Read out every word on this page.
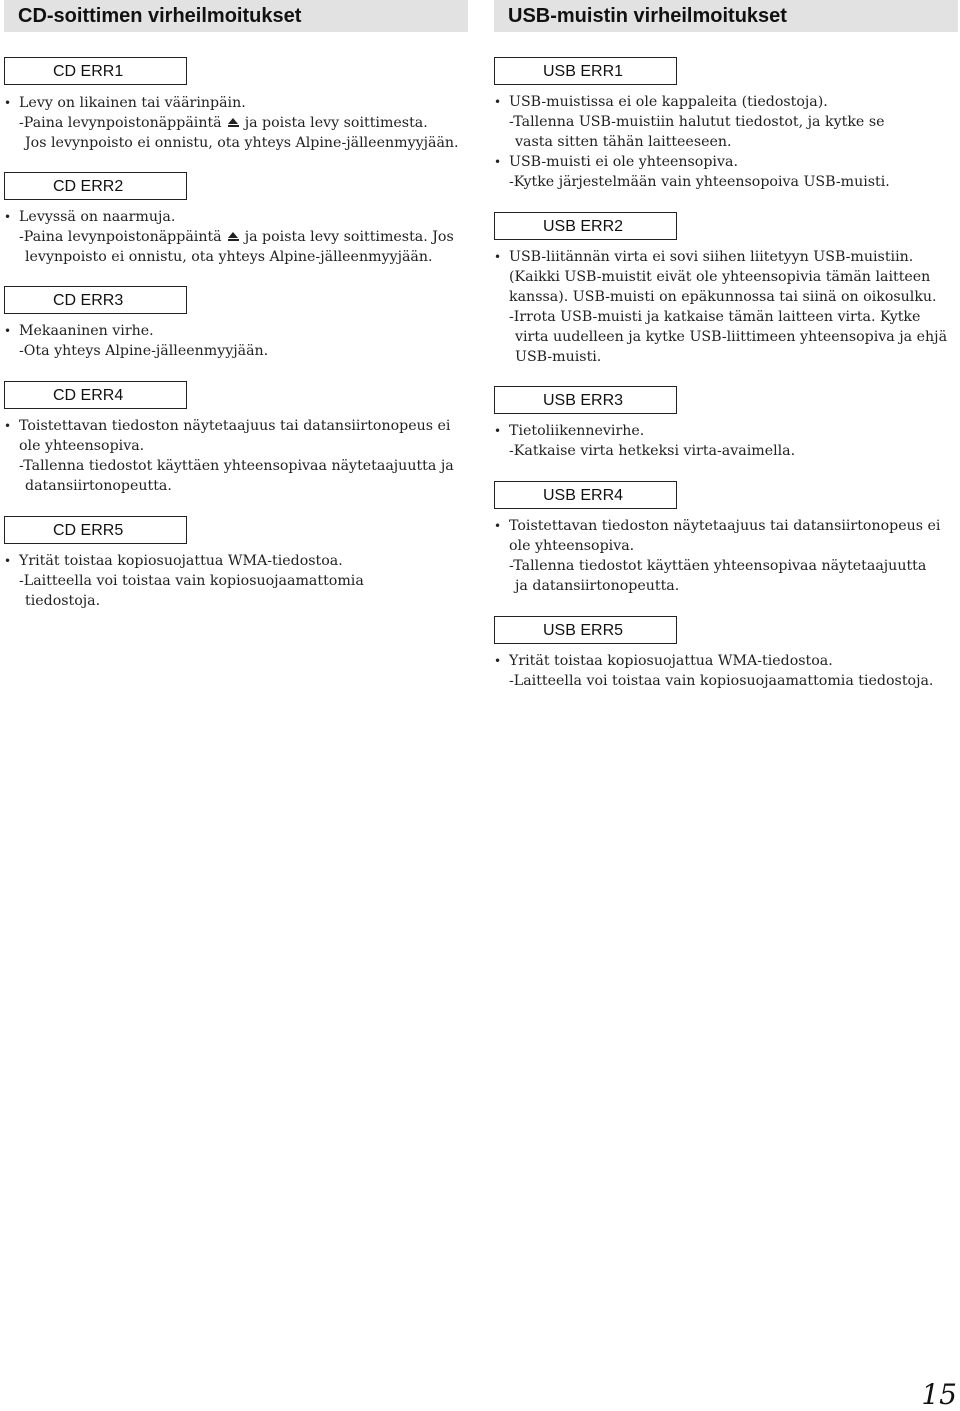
CD-soittimen virheilmoitukset
CD ERR1
• Levy on likainen tai väärinpäin.
-Paina levynpoistonäppäintä ja poista levy soittimesta.
Jos levynpoisto ei onnistu, ota yhteys Alpine-jälleenmyyjään.
CD ERR2
• Levyssä on naarmuja.
-Paina levynpoistonäppäintä ja poista levy soittimesta. Jos
levynpoisto ei onnistu, ota yhteys Alpine-jälleenmyyjään.
CD ERR3
• Mekaaninen virhe.
-Ota yhteys Alpine-jälleenmyyjään.
CD ERR4
• Toistettavan tiedoston näytetaajuus tai datansiirtonopeus ei
ole yhteensopiva.
-Tallenna tiedostot käyttäen yhteensopivaa näytetaajuutta ja
datansiirtonopeutta.
CD ERR5
• Yrität toistaa kopiosuojattua WMA-tiedostoa.
-Laitteella voi toistaa vain kopiosuojaamattomia
tiedostoja.
USB-muistin virheilmoitukset
USB ERR1
• USB-muistissa ei ole kappaleita (tiedostoja).
-Tallenna USB-muistiin halutut tiedostot, ja kytke se
vasta sitten tähän laitteeseen.
• USB-muisti ei ole yhteensopiva.
-Kytke järjestelmään vain yhteensopoiva USB-muisti.
USB ERR2
• USB-liitännän virta ei sovi siihen liitetyyn USB-muistiin.
(Kaikki USB-muistit eivät ole yhteensopivia tämän laitteen
kanssa). USB-muisti on epäkunnossa tai siinä on oikosulku.
-Irrota USB-muisti ja katkaise tämän laitteen virta. Kytke
virta uudelleen ja kytke USB-liittimeen yhteensopiva ja ehjä
USB-muisti.
USB ERR3
• Tietoliikennevirhe.
-Katkaise virta hetkeksi virta-avaimella.
USB ERR4
• Toistettavan tiedoston näytetaajuus tai datansiirtonopeus ei
ole yhteensopiva.
-Tallenna tiedostot käyttäen yhteensopivaa näytetaajuutta
ja datansiirtonopeutta.
USB ERR5
• Yrität toistaa kopiosuojattua WMA-tiedostoa.
-Laitteella voi toistaa vain kopiosuojaamattomia tiedostoja.
15
